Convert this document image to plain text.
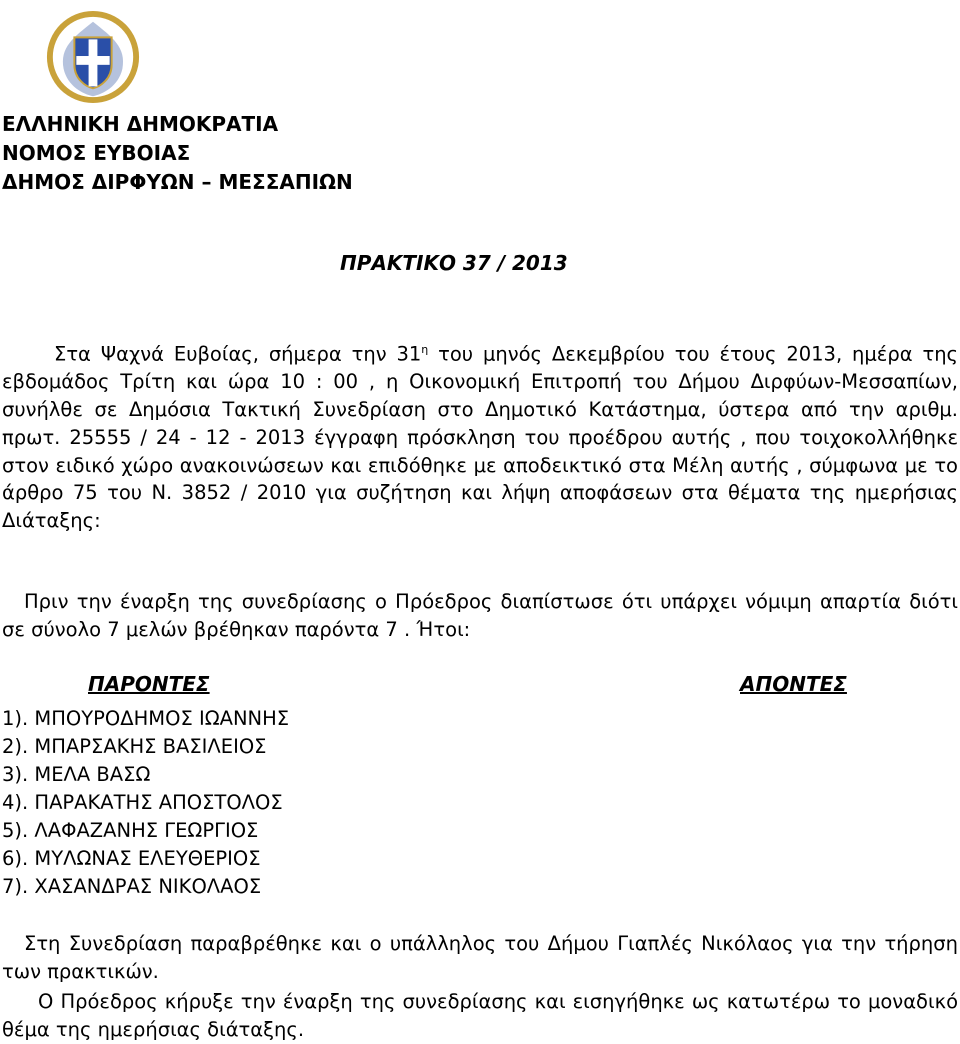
ΕΛΛΗΝΙΚΗ ΔΗΜΟΚΡΑΤΙΑ
ΝΟΜΟΣ ΕΥΒΟΙΑΣ
ΔΗΜΟΣ ΔΙΡΦΥΩΝ – ΜΕΣΣΑΠΙΩΝ
ΠΡΑΚΤΙΚΟ 37 / 2013
Στα Ψαχνά Ευβοίας, σήμερα την $31^\eta$ του μηνός Δεκεμβρίου του έτους 2013, ημέρα της εβδομάδος Τρίτη και ώρα 10 : 00 , η Οικονομική Επιτροπή του Δήμου Διρφύων-Μεσσαπίων, συνήλθε σε Δημόσια Τακτική Συνεδρίαση στο Δημοτικό Κατάστημα, ύστερα από την αριθμ. πρωτ. 25555 / 24 - 12 - 2013 έγγραφη πρόσκληση του προέδρου αυτής , που τοιχοκολλήθηκε στον ειδικό χώρο ανακοινώσεων και επιδόθηκε με αποδεικτικό στα Μέλη αυτής , σύμφωνα με το άρθρο 75 του Ν. 3852 / 2010 για συζήτηση και λήψη αποφάσεων στα θέματα της ημερήσιας Διάταξης:
Πριν την έναρξη της συνεδρίασης ο Πρόεδρος διαπίστωσε ότι υπάρχει νόμιμη απαρτία διότι σε σύνολο 7 μελών βρέθηκαν παρόντα 7 . Ήτοι:
ΠΑΡΟΝΤΕΣ	ΑΠΟΝΤΕΣ
1). ΜΠΟΥΡΟΔΗΜΟΣ ΙΩΑΝΝΗΣ
2). ΜΠΑΡΣΑΚΗΣ ΒΑΣΙΛΕΙΟΣ
3). ΜΕΛΑ ΒΑΣΩ
4). ΠΑΡΑΚΑΤΗΣ ΑΠΟΣΤΟΛΟΣ
5). ΛΑΦΑΖΑΝΗΣ ΓΕΩΡΓΙΟΣ
6). ΜΥΛΩΝΑΣ ΕΛΕΥΘΕΡΙΟΣ
7). ΧΑΣΑΝΔΡΑΣ ΝΙΚΟΛΑΟΣ
Στη Συνεδρίαση παραβρέθηκε και ο υπάλληλος του Δήμου Γιαπλές Νικόλαος για την τήρηση των πρακτικών.
Ο Πρόεδρος κήρυξε την έναρξη της συνεδρίασης και εισηγήθηκε ως κατωτέρω το μοναδικό θέμα της ημερήσιας διάταξης.
